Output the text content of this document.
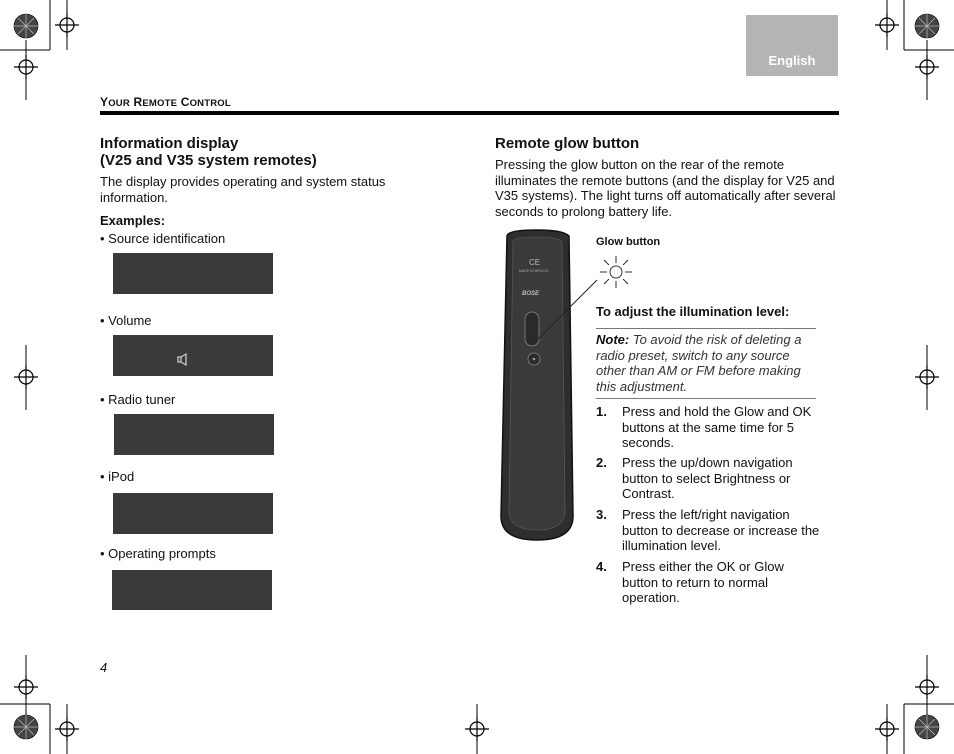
English
YOUR REMOTE CONTROL
Information display
(V25 and V35 system remotes)
The display provides operating and system status information.
Examples:
• Source identification
• Volume
• Radio tuner
• iPod
• Operating prompts
4
Remote glow button
Pressing the glow button on the rear of the remote illuminates the remote buttons (and the display for V25 and V35 systems). The light turns off automatically after several seconds to prolong battery life.
CE
MADE IN MEXICO
BOSE
Glow button
To adjust the illumination level:
Note: To avoid the risk of deleting a radio preset, switch to any source other than AM or FM before making this adjustment.
1. Press and hold the Glow and OK buttons at the same time for 5 seconds.
2. Press the up/down navigation button to select Brightness or Contrast.
3. Press the left/right navigation button to decrease or increase the illumination level.
4. Press either the OK or Glow button to return to normal operation.
